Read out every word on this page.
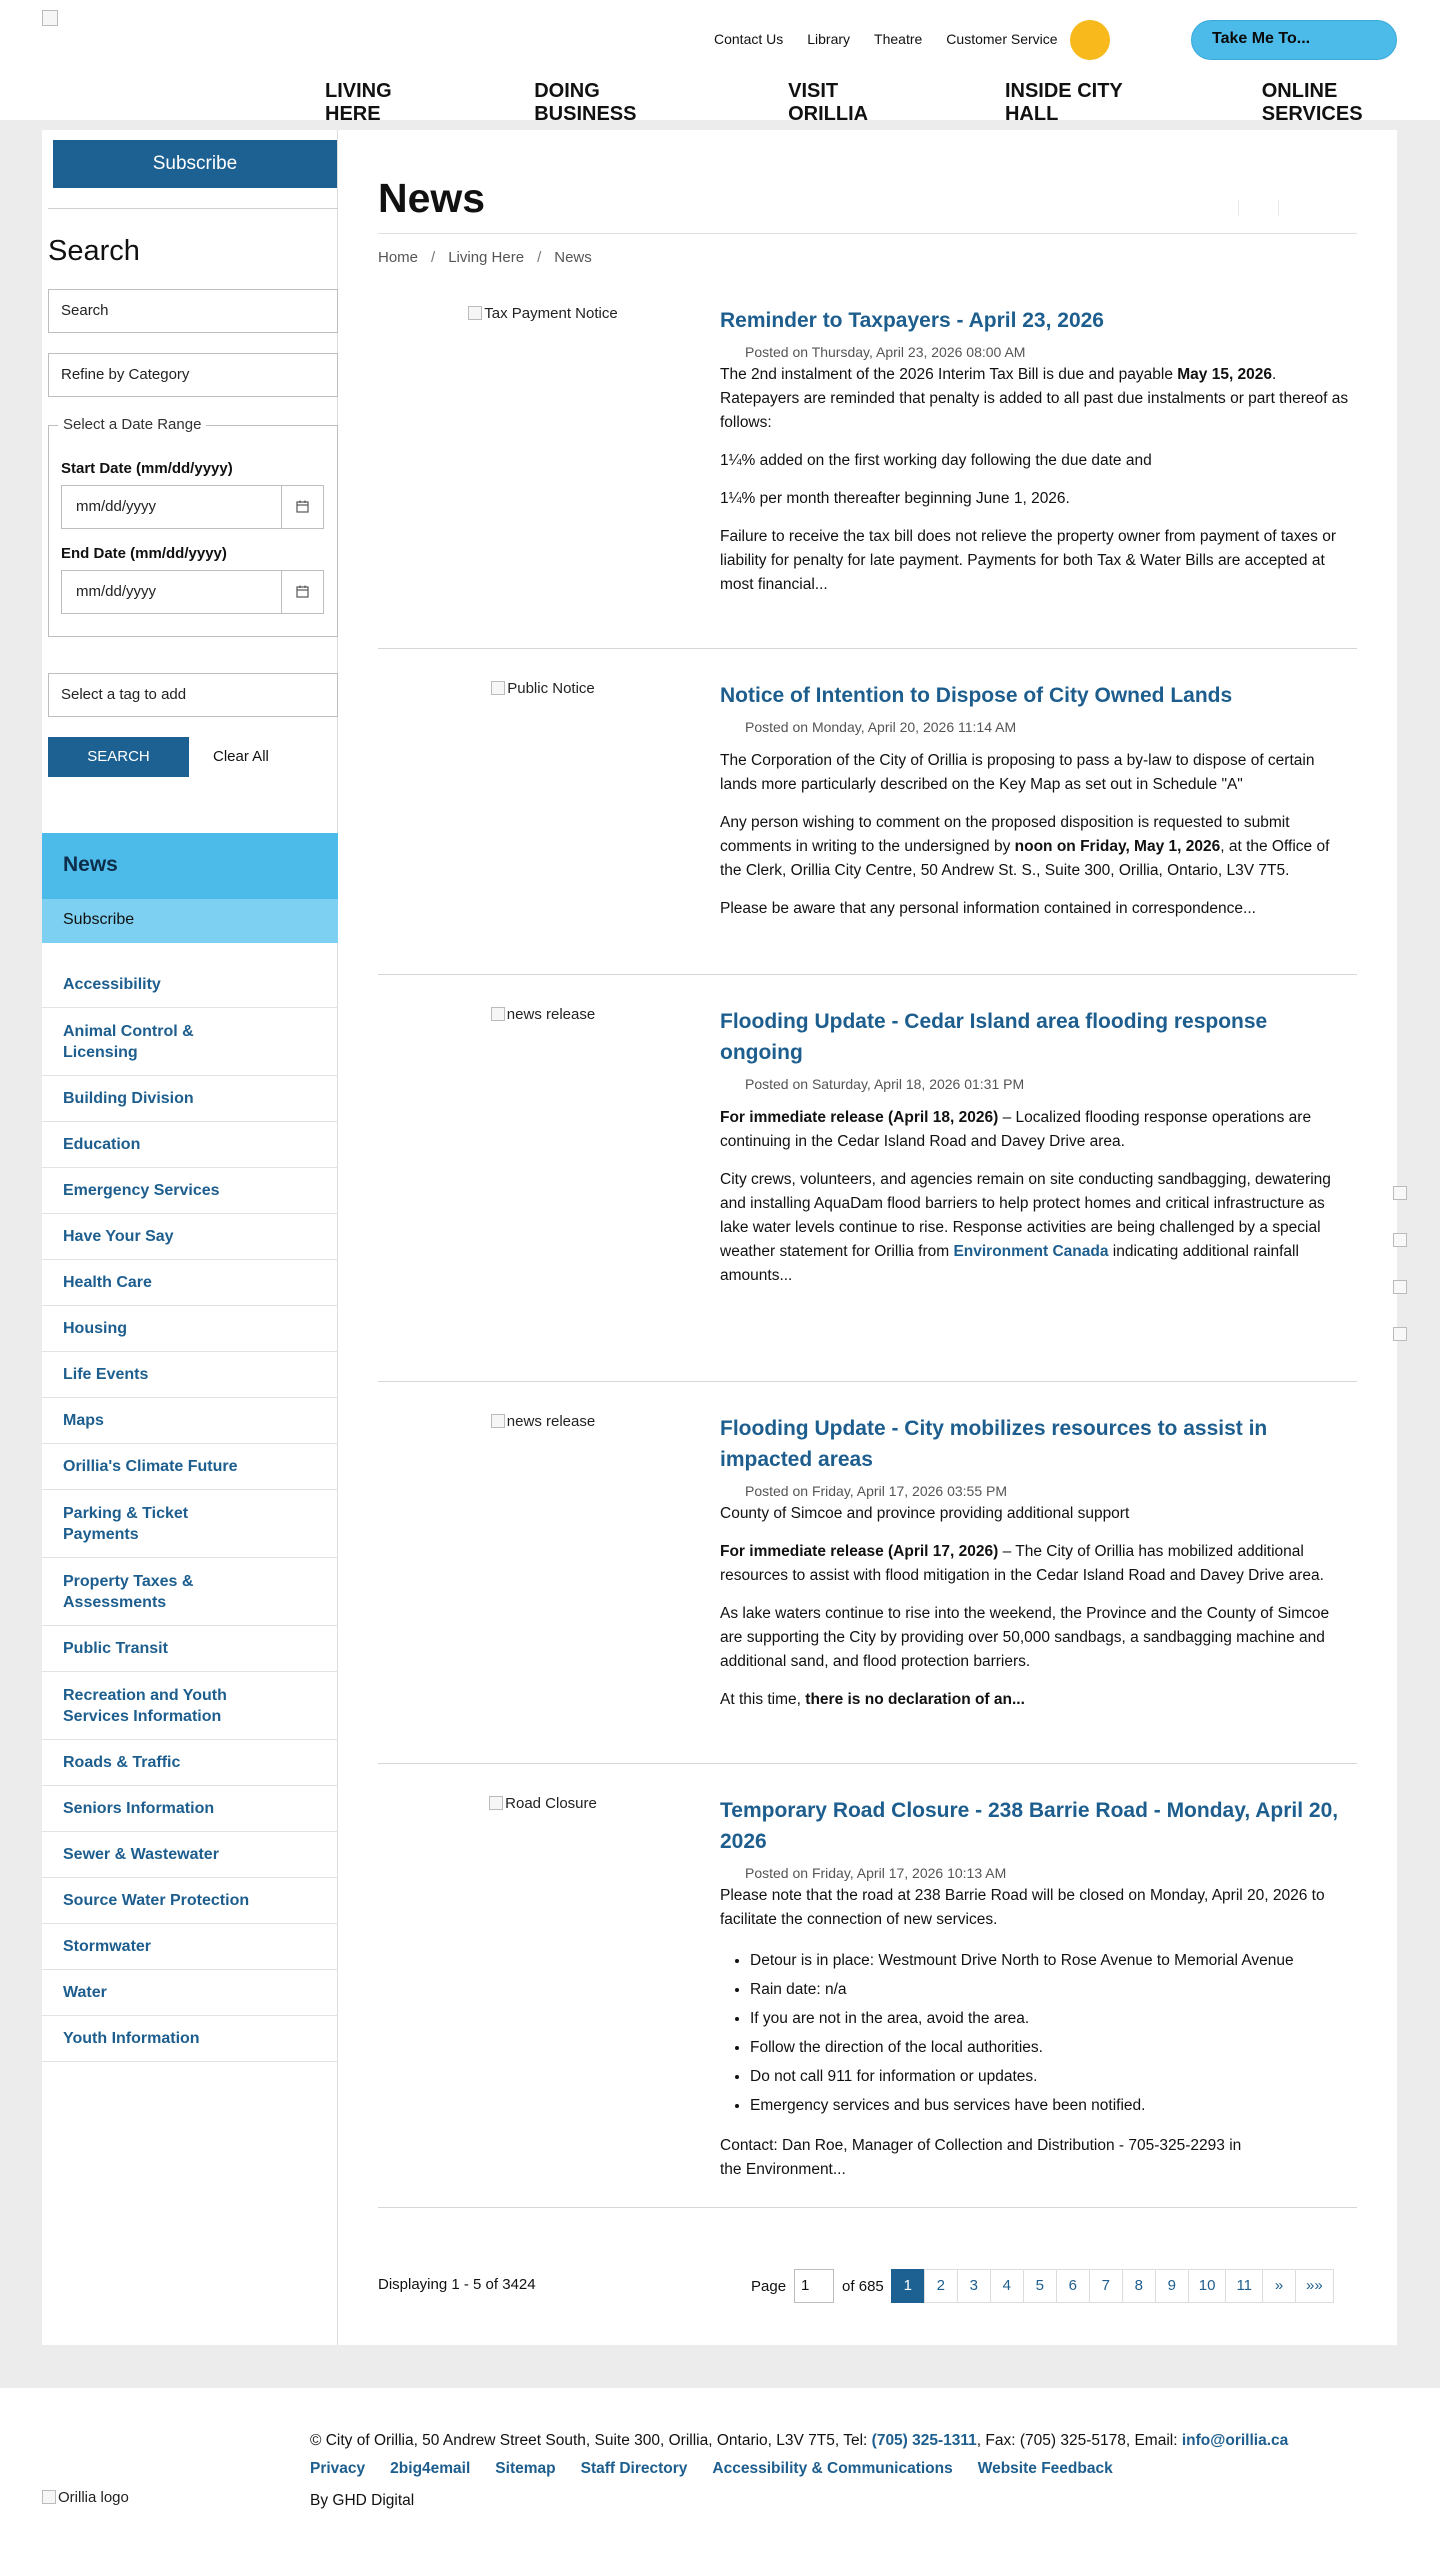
Contact Us Library Theatre Customer Service	Take Me To...
LIVING HERE
DOING BUSINESS
VISIT ORILLIA
INSIDE CITY HALL
ONLINE SERVICES
Subscribe
Search
Search
Refine by Category
Select a Date Range
Start Date (mm/dd/yyyy)
mm/dd/yyyy
End Date (mm/dd/yyyy)
mm/dd/yyyy
Select a tag to add
SEARCH	Clear All
News
Subscribe
Accessibility
Animal Control & Licensing
Building Division
Education
Emergency Services
Have Your Say
Health Care
Housing
Life Events
Maps
Orillia's Climate Future
Parking & Ticket Payments
Property Taxes & Assessments
Public Transit
Recreation and Youth Services Information
Roads & Traffic
Seniors Information
Sewer & Wastewater
Source Water Protection
Stormwater
Water
Youth Information
News
Home / Living Here / News
Tax Payment Notice	Reminder to Taxpayers - April 23, 2026
Posted on Thursday, April 23, 2026 08:00 AM

The 2nd instalment of the 2026 Interim Tax Bill is due and payable May 15, 2026. Ratepayers are reminded that penalty is added to all past due instalments or part thereof as follows:

1¼% added on the first working day following the due date and

1¼% per month thereafter beginning June 1, 2026.

Failure to receive the tax bill does not relieve the property owner from payment of taxes or liability for penalty for late payment. Payments for both Tax & Water Bills are accepted at most financial...

Public Notice	Notice of Intention to Dispose of City Owned Lands
Posted on Monday, April 20, 2026 11:14 AM

The Corporation of the City of Orillia is proposing to pass a by-law to dispose of certain lands more particularly described on the Key Map as set out in Schedule "A"

Any person wishing to comment on the proposed disposition is requested to submit comments in writing to the undersigned by noon on Friday, May 1, 2026, at the Office of the Clerk, Orillia City Centre, 50 Andrew St. S., Suite 300, Orillia, Ontario, L3V 7T5.

Please be aware that any personal information contained in correspondence...

news release	Flooding Update - Cedar Island area flooding response ongoing
Posted on Saturday, April 18, 2026 01:31 PM

For immediate release (April 18, 2026) – Localized flooding response operations are continuing in the Cedar Island Road and Davey Drive area.

City crews, volunteers, and agencies remain on site conducting sandbagging, dewatering and installing AquaDam flood barriers to help protect homes and critical infrastructure as lake water levels continue to rise. Response activities are being challenged by a special weather statement for Orillia from Environment Canada indicating additional rainfall amounts...

news release	Flooding Update - City mobilizes resources to assist in impacted areas
Posted on Friday, April 17, 2026 03:55 PM

County of Simcoe and province providing additional support

For immediate release (April 17, 2026) – The City of Orillia has mobilized additional resources to assist with flood mitigation in the Cedar Island Road and Davey Drive area.

As lake waters continue to rise into the weekend, the Province and the County of Simcoe are supporting the City by providing over 50,000 sandbags, a sandbagging machine and additional sand, and flood protection barriers.

At this time, there is no declaration of an...

Road Closure	Temporary Road Closure - 238 Barrie Road - Monday, April 20, 2026
Posted on Friday, April 17, 2026 10:13 AM

Please note that the road at 238 Barrie Road will be closed on Monday, April 20, 2026 to facilitate the connection of new services.

• Detour is in place: Westmount Drive North to Rose Avenue to Memorial Avenue
• Rain date: n/a
• If you are not in the area, avoid the area.
• Follow the direction of the local authorities.
• Do not call 911 for information or updates.
• Emergency services and bus services have been notified.

Contact: Dan Roe, Manager of Collection and Distribution - 705-325-2293 in
the Environment...

Displaying 1 - 5 of 3424	Page	1	of 685	1	2	3	4	5	6	7	8	9	10	11	»	»»
Orillia logo
© City of Orillia, 50 Andrew Street South, Suite 300, Orillia, Ontario, L3V 7T5, Tel: (705) 325-1311, Fax: (705) 325-5178, Email: info@orillia.ca
Privacy 2big4email Sitemap Staff Directory Accessibility & Communications Website Feedback
By GHD Digital
